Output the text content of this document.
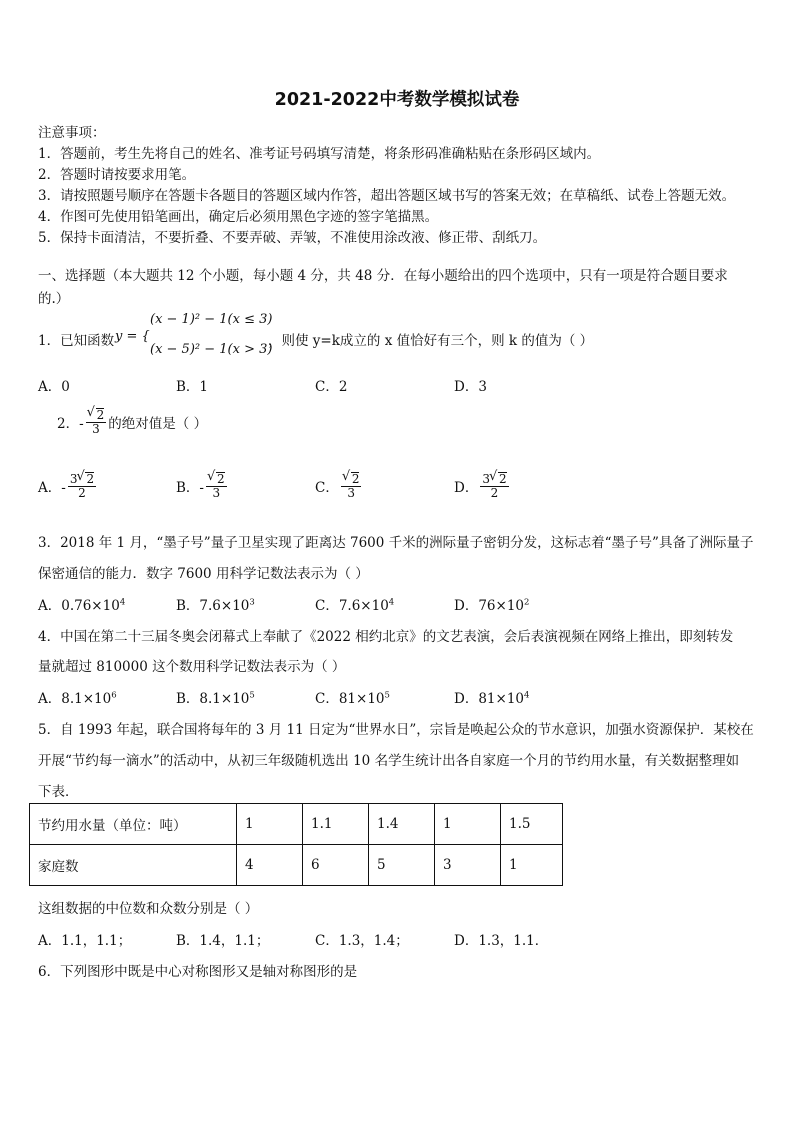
2021-2022中考数学模拟试卷
注意事项：
1．答题前，考生先将自己的姓名、准考证号码填写清楚，将条形码准确粘贴在条形码区域内。
2．答题时请按要求用笔。
3．请按照题号顺序在答题卡各题目的答题区域内作答，超出答题区域书写的答案无效；在草稿纸、试卷上答题无效。
4．作图可先使用铅笔画出，确定后必须用黑色字迹的签字笔描黑。
5．保持卡面清洁，不要折叠、不要弄破、弄皱，不准使用涂改液、修正带、刮纸刀。
一、选择题（本大题共 12 个小题，每小题 4 分，共 48 分．在每小题给出的四个选项中，只有一项是符合题目要求
的.）
1．已知函数 y = {
(x − 1)² − 1(x ≤ 3)
(x − 5)² − 1(x > 3)
，则使 y=k成立的 x 值恰好有三个，则 k 的值为（ ）
A．0	B．1	C．2	D．3
2．- √ $\frac{2}{3}$ 的绝对值是（ ）
A．- $\frac{3 √ 2}{2}$	B．- √ $\frac{2}{3}$	C． √ $\frac{2}{3}$	D． $\frac{3 √ 2}{2}$
3．2018 年 1 月，“墨子号”量子卫星实现了距离达 7600 千米的洲际量子密钥分发，这标志着“墨子号”具备了洲际量子
保密通信的能力．数字 7600 用科学记数法表示为（ ）
A．$0.76\times 10^4$	B．$7.6\times 10^3$	C．$7.6\times 10^4$	D．$76\times 10^2$
4．中国在第二十三届冬奥会闭幕式上奉献了《2022 相约北京》的文艺表演，会后表演视频在网络上推出，即刻转发
量就超过 810000 这个数用科学记数法表示为（ ）
A．$8.1\times 10^6$	B．$8.1\times 10^5$	C．$81\times 10^5$	D．$81\times 10^4$
5．自 1993 年起，联合国将每年的 3 月 11 日定为“世界水日”，宗旨是唤起公众的节水意识，加强水资源保护．某校在
开展“节约每一滴水”的活动中，从初三年级随机选出 10 名学生统计出各自家庭一个月的节约用水量，有关数据整理如
下表．
节约用水量（单位：吨）	1	1.1	1.4	1	1.5
家庭数	4	6	5	3	1
这组数据的中位数和众数分别是（ ）
A．1.1，1.1；	B．1.4，1.1；	C．1.3，1.4；	D．1.3，1.1．
6．下列图形中既是中心对称图形又是轴对称图形的是
